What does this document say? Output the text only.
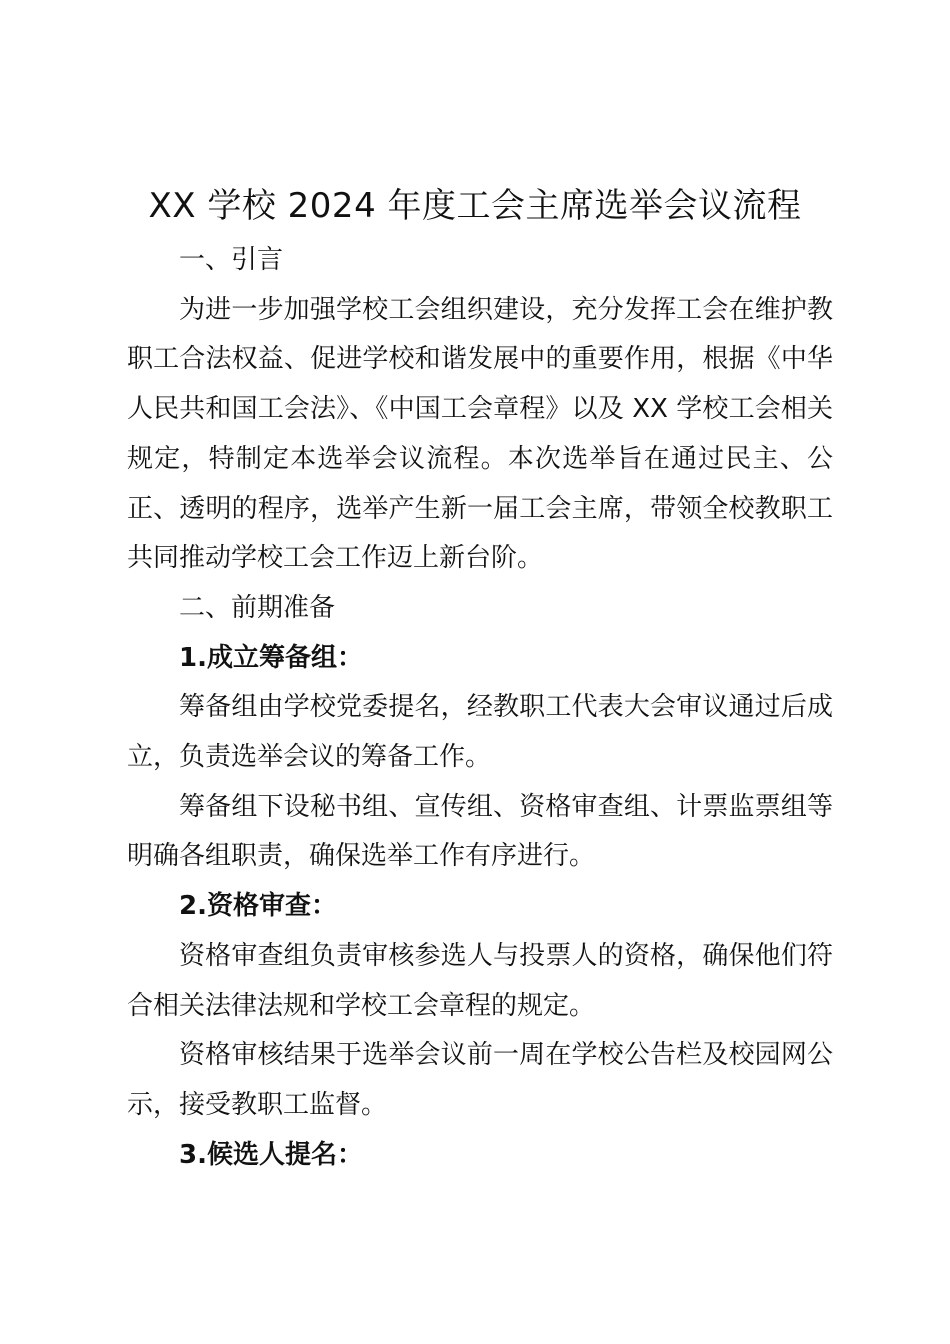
XX 学校 2024 年度工会主席选举会议流程

一、引言

为进一步加强学校工会组织建设，充分发挥工会在维护教职工合法权益、促进学校和谐发展中的重要作用，根据《中华人民共和国工会法》、《中国工会章程》以及 XX 学校工会相关规定，特制定本选举会议流程。本次选举旨在通过民主、公正、透明的程序，选举产生新一届工会主席，带领全校教职工共同推动学校工会工作迈上新台阶。

二、前期准备

1.成立筹备组：

筹备组由学校党委提名，经教职工代表大会审议通过后成立，负责选举会议的筹备工作。

筹备组下设秘书组、宣传组、资格审查组、计票监票组等明确各组职责，确保选举工作有序进行。

2.资格审查：

资格审查组负责审核参选人与投票人的资格，确保他们符合相关法律法规和学校工会章程的规定。

资格审核结果于选举会议前一周在学校公告栏及校园网公示，接受教职工监督。

3.候选人提名：
